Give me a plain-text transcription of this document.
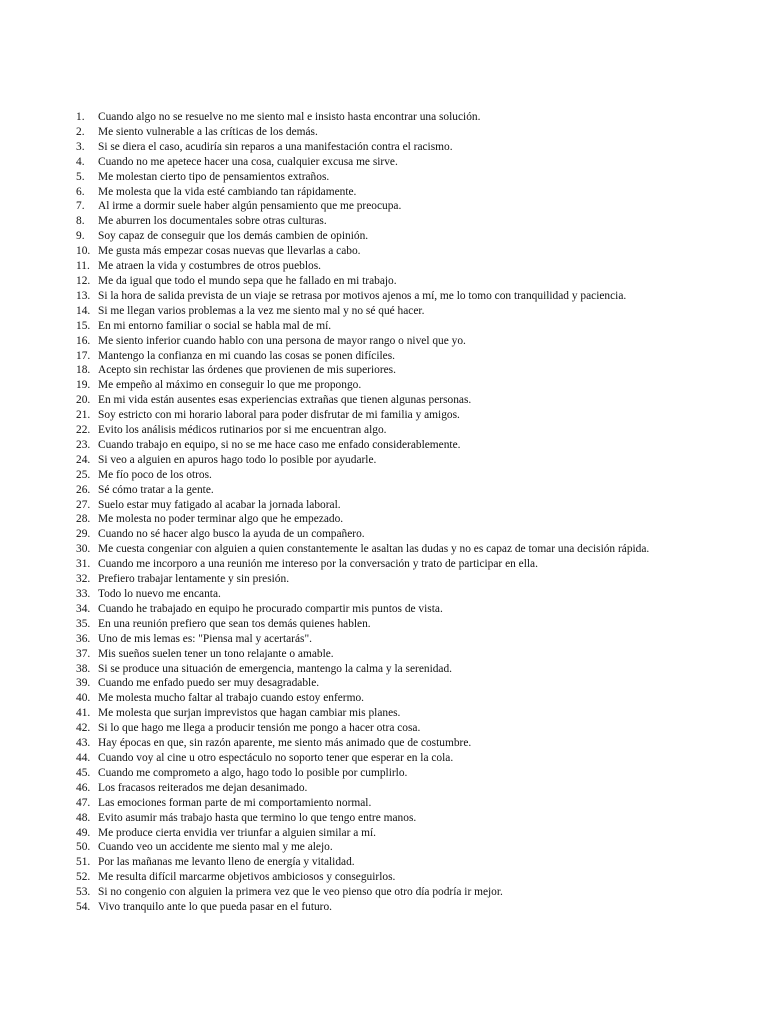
1.	Cuando algo no se resuelve no me siento mal e insisto hasta encontrar una solución.
2.	Me siento vulnerable a las críticas de los demás.
3.	Si se diera el caso, acudiría sin reparos a una manifestación contra el racismo.
4.	Cuando no me apetece hacer una cosa, cualquier excusa me sirve.
5.	Me molestan cierto tipo de pensamientos extraños.
6.	Me molesta que la vida esté cambiando tan rápidamente.
7.	Al irme a dormir suele haber algún pensamiento que me preocupa.
8.	Me aburren los documentales sobre otras culturas.
9.	Soy capaz de conseguir que los demás cambien de opinión.
10. Me gusta más empezar cosas nuevas que llevarlas a cabo.
11. Me atraen la vida y costumbres de otros pueblos.
12. Me da igual que todo el mundo sepa que he fallado en mi trabajo.
13. Si la hora de salida prevista de un viaje se retrasa por motivos ajenos a mí, me lo tomo con tranquilidad y paciencia.
14. Si me llegan varios problemas a la vez me siento mal y no sé qué hacer.
15. En mi entorno familiar o social se habla mal de mí.
16. Me siento inferior cuando hablo con una persona de mayor rango o nivel que yo.
17. Mantengo la confianza en mi cuando las cosas se ponen difíciles.
18. Acepto sin rechistar las órdenes que provienen de mis superiores.
19. Me empeño al máximo en conseguir lo que me propongo.
20. En mi vida están ausentes esas experiencias extrañas que tienen algunas personas.
21. Soy estricto con mi horario laboral para poder disfrutar de mi familia y amigos.
22. Evito los análisis médicos rutinarios por si me encuentran algo.
23. Cuando trabajo en equipo, si no se me hace caso me enfado considerablemente.
24. Si veo a alguien en apuros hago todo lo posible por ayudarle.
25. Me fío poco de los otros.
26. Sé cómo tratar a la gente.
27. Suelo estar muy fatigado al acabar la jornada laboral.
28. Me molesta no poder terminar algo que he empezado.
29. Cuando no sé hacer algo busco la ayuda de un compañero.
30. Me cuesta congeniar con alguien a quien constantemente le asaltan las dudas y no es capaz de tomar una decisión rápida.
31. Cuando me incorporo a una reunión me intereso por la conversación y trato de participar en ella.
32. Prefiero trabajar lentamente y sin presión.
33. Todo lo nuevo me encanta.
34. Cuando he trabajado en equipo he procurado compartir mis puntos de vista.
35. En una reunión prefiero que sean tos demás quienes hablen.
36. Uno de mis lemas es: "Piensa mal y acertarás".
37. Mis sueños suelen tener un tono relajante o amable.
38. Si se produce una situación de emergencia, mantengo la calma y la serenidad.
39. Cuando me enfado puedo ser muy desagradable.
40. Me molesta mucho faltar al trabajo cuando estoy enfermo.
41. Me molesta que surjan imprevistos que hagan cambiar mis planes.
42. Si lo que hago me llega a producir tensión me pongo a hacer otra cosa.
43. Hay épocas en que, sin razón aparente, me siento más animado que de costumbre.
44. Cuando voy al cine u otro espectáculo no soporto tener que esperar en la cola.
45. Cuando me comprometo a algo, hago todo lo posible por cumplirlo.
46. Los fracasos reiterados me dejan desanimado.
47. Las emociones forman parte de mi comportamiento normal.
48. Evito asumir más trabajo hasta que termino lo que tengo entre manos.
49. Me produce cierta envidia ver triunfar a alguien similar a mí.
50. Cuando veo un accidente me siento mal y me alejo.
51. Por las mañanas me levanto lleno de energía y vitalidad.
52. Me resulta difícil marcarme objetivos ambiciosos y conseguirlos.
53. Si no congenio con alguien la primera vez que le veo pienso que otro día podría ir mejor.
54. Vivo tranquilo ante lo que pueda pasar en el futuro.
